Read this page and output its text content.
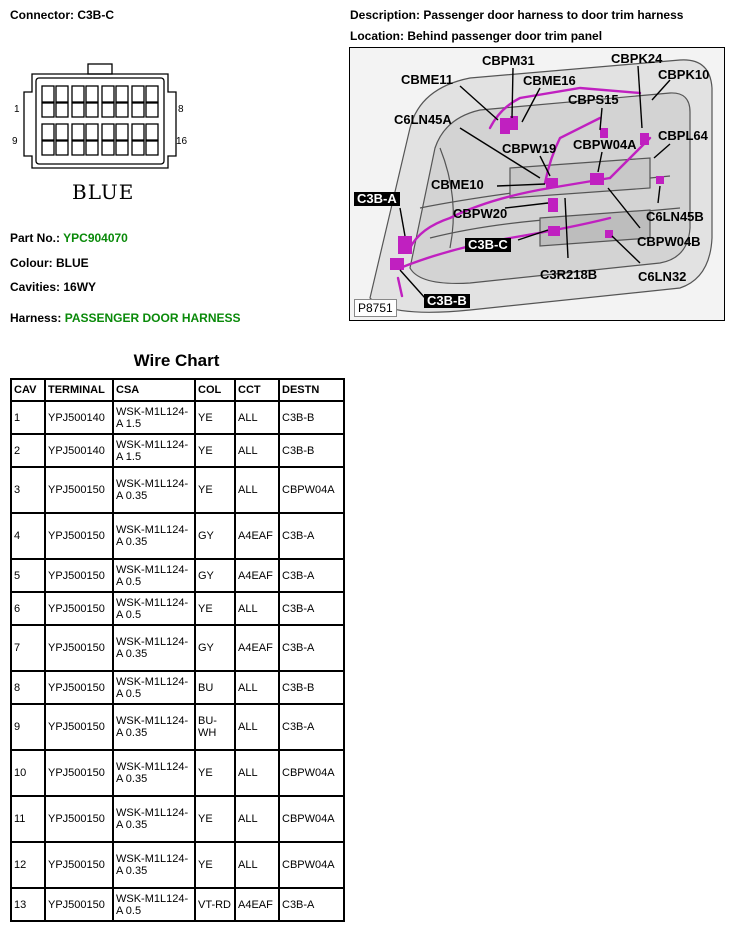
Connector: C3B-C
1	8
9	16
BLUE
Part No.: YPC904070
Colour: BLUE
Cavities: 16WY
Harness: PASSENGER DOOR HARNESS
Description: Passenger door harness to door trim harness
Location: Behind passenger door trim panel
CBME11
CBPM31	CBPK24
CBPK10
CBME16
CBPS15
C6LN45A
CBPL64
CBPW19 CBPW04A
CBME10
C3B-A
CBPW20	C6LN45B
C3B-C	CBPW04B
C3R218B	C6LN32
C3B-B
P8751
Wire Chart
CAV	TERMINAL	CSA	COL	CCT	DESTN
1	YPJ500140	WSK-M1L124-A 1.5	YE	ALL	C3B-B
2	YPJ500140	WSK-M1L124-A 1.5	YE	ALL	C3B-B
3	YPJ500150	WSK-M1L124-A 0.35	YE	ALL	CBPW04A
4	YPJ500150	WSK-M1L124-A 0.35	GY	A4EAF	C3B-A
5	YPJ500150	WSK-M1L124-A 0.5	GY	A4EAF	C3B-A
6	YPJ500150	WSK-M1L124-A 0.5	YE	ALL	C3B-A
7	YPJ500150	WSK-M1L124-A 0.35	GY	A4EAF	C3B-A
8	YPJ500150	WSK-M1L124-A 0.5	BU	ALL	C3B-B
9	YPJ500150	WSK-M1L124-A 0.35	BU-WH	ALL	C3B-A
10	YPJ500150	WSK-M1L124-A 0.35	YE	ALL	CBPW04A
11	YPJ500150	WSK-M1L124-A 0.35	YE	ALL	CBPW04A
12	YPJ500150	WSK-M1L124-A 0.35	YE	ALL	CBPW04A
13	YPJ500150	WSK-M1L124-A 0.5	VT-RD	A4EAF	C3B-A
